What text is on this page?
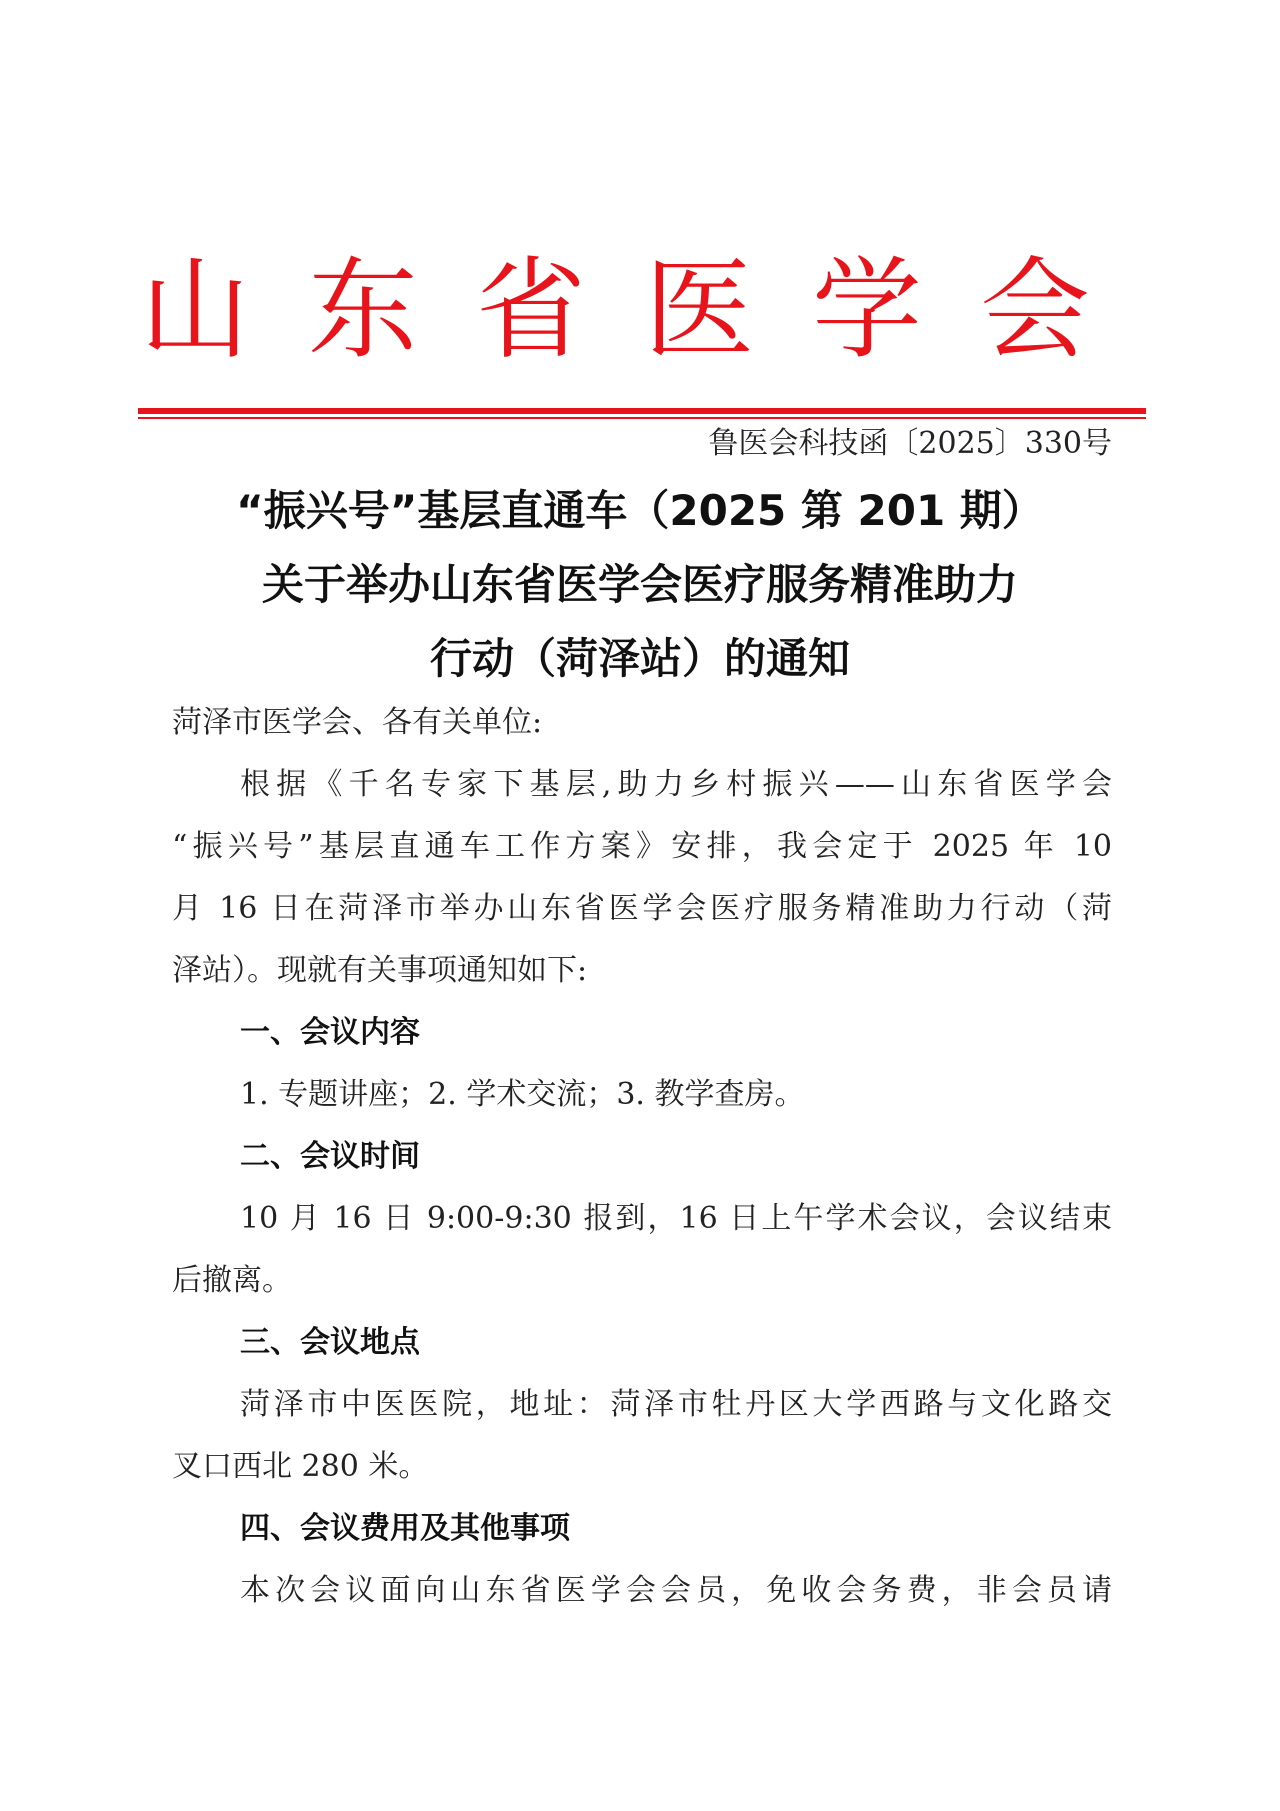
山东省医学会
鲁医会科技函〔2025〕330号
“振兴号”基层直通车（2025 第 201 期）
关于举办山东省医学会医疗服务精准助力
行动（菏泽站）的通知
菏泽市医学会、各有关单位:
根据《千名专家下基层,助力乡村振兴——山东省医学会
“振兴号”基层直通车工作方案》安排，我会定于 2025 年 10
月 16 日在菏泽市举办山东省医学会医疗服务精准助力行动（菏
泽站）。现就有关事项通知如下:
一、会议内容
1. 专题讲座；2. 学术交流；3. 教学查房。
二、会议时间
10 月 16 日 9:00-9:30 报到，16 日上午学术会议，会议结束
后撤离。
三、会议地点
菏泽市中医医院，地址：菏泽市牡丹区大学西路与文化路交
叉口西北 280 米。
四、会议费用及其他事项
本次会议面向山东省医学会会员，免收会务费，非会员请
